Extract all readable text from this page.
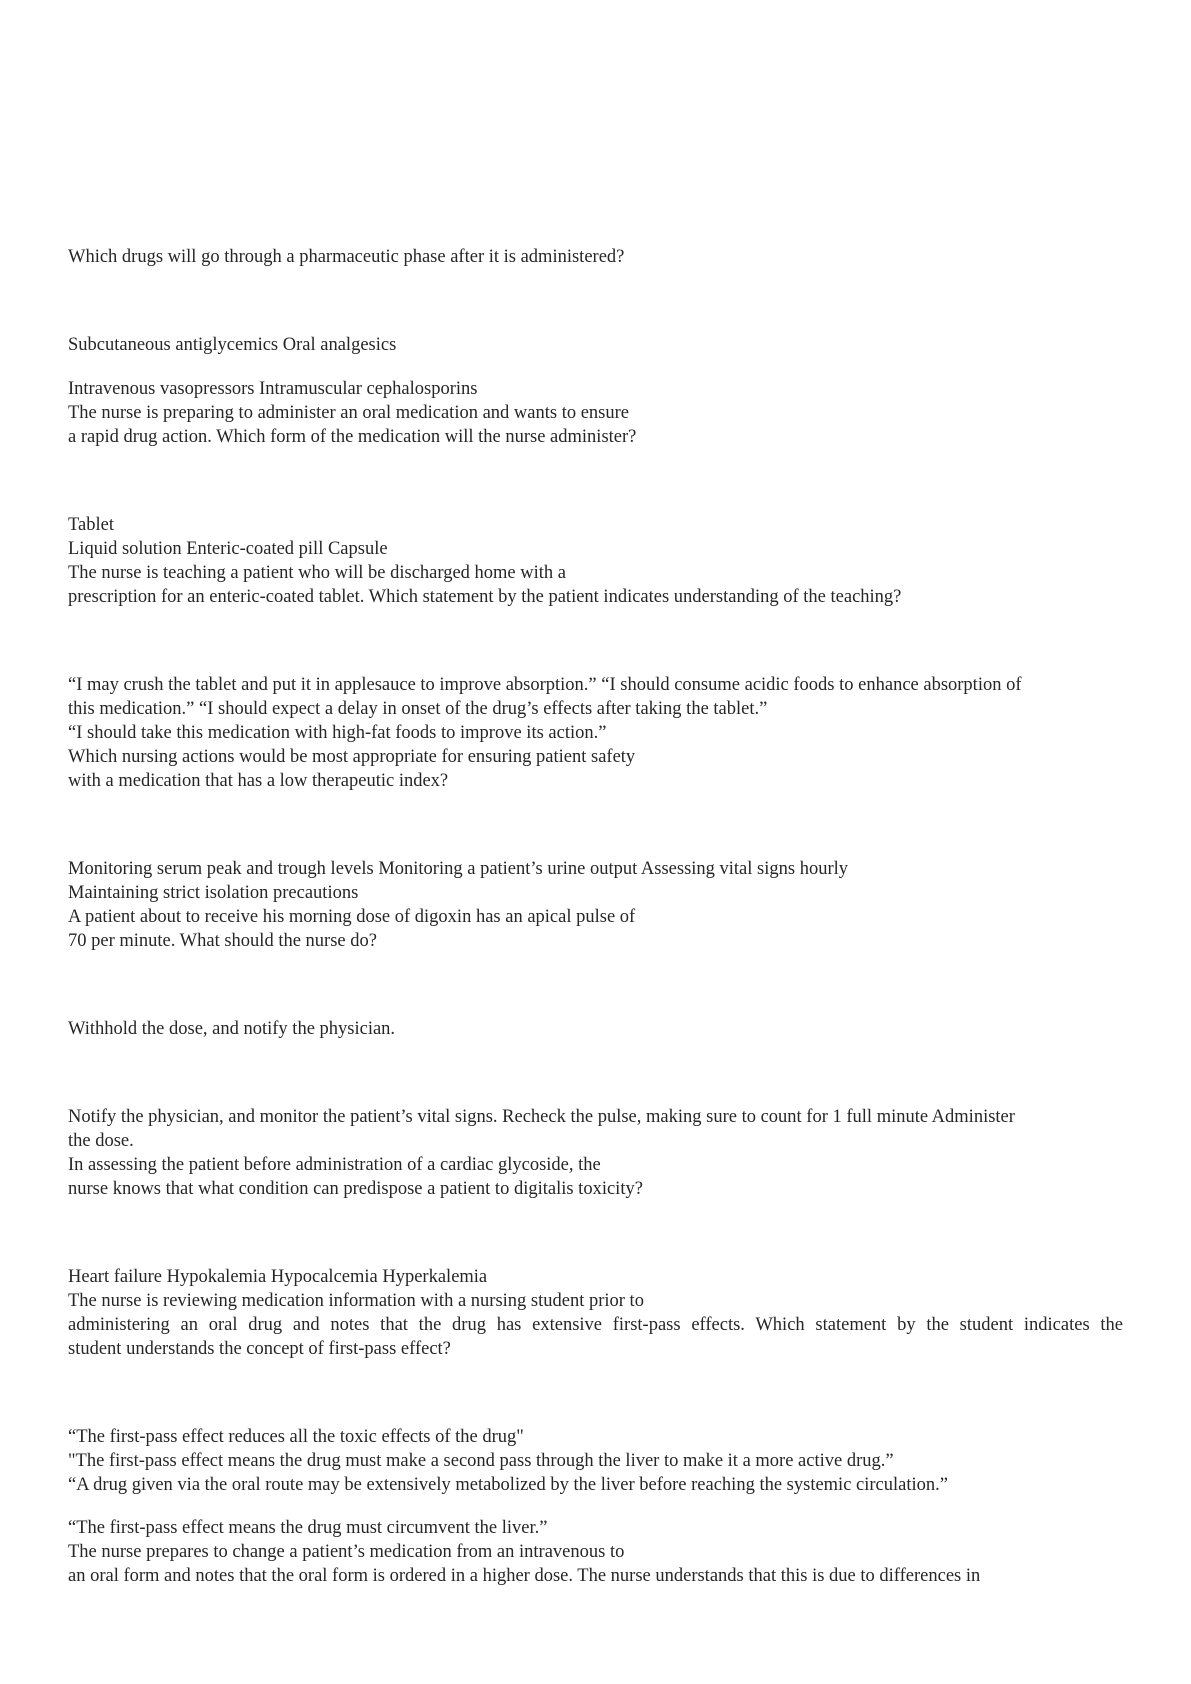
Which drugs will go through a pharmaceutic phase after it is administered?
Subcutaneous antiglycemics Oral analgesics
Intravenous vasopressors Intramuscular cephalosporins
The nurse is preparing to administer an oral medication and wants to ensure
a rapid drug action. Which form of the medication will the nurse administer?
Tablet
Liquid solution Enteric-coated pill Capsule
The nurse is teaching a patient who will be discharged home with a
prescription for an enteric-coated tablet. Which statement by the patient indicates understanding of the teaching?
“I may crush the tablet and put it in applesauce to improve absorption.” “I should consume acidic foods to enhance absorption of
this medication.” “I should expect a delay in onset of the drug’s effects after taking the tablet.”
“I should take this medication with high-fat foods to improve its action.”
Which nursing actions would be most appropriate for ensuring patient safety
with a medication that has a low therapeutic index?
Monitoring serum peak and trough levels Monitoring a patient’s urine output Assessing vital signs hourly
Maintaining strict isolation precautions
A patient about to receive his morning dose of digoxin has an apical pulse of
70 per minute. What should the nurse do?
Withhold the dose, and notify the physician.
Notify the physician, and monitor the patient’s vital signs. Recheck the pulse, making sure to count for 1 full minute Administer
the dose.
In assessing the patient before administration of a cardiac glycoside, the
nurse knows that what condition can predispose a patient to digitalis toxicity?
Heart failure Hypokalemia Hypocalcemia Hyperkalemia
The nurse is reviewing medication information with a nursing student prior to
administering an oral drug and notes that the drug has extensive first-pass effects. Which statement by the student indicates the
student understands the concept of first-pass effect?
“The first-pass effect reduces all the toxic effects of the drug"
"The first-pass effect means the drug must make a second pass through the liver to make it a more active drug.”
“A drug given via the oral route may be extensively metabolized by the liver before reaching the systemic circulation.”
“The first-pass effect means the drug must circumvent the liver.”
The nurse prepares to change a patient’s medication from an intravenous to
an oral form and notes that the oral form is ordered in a higher dose. The nurse understands that this is due to differences in
